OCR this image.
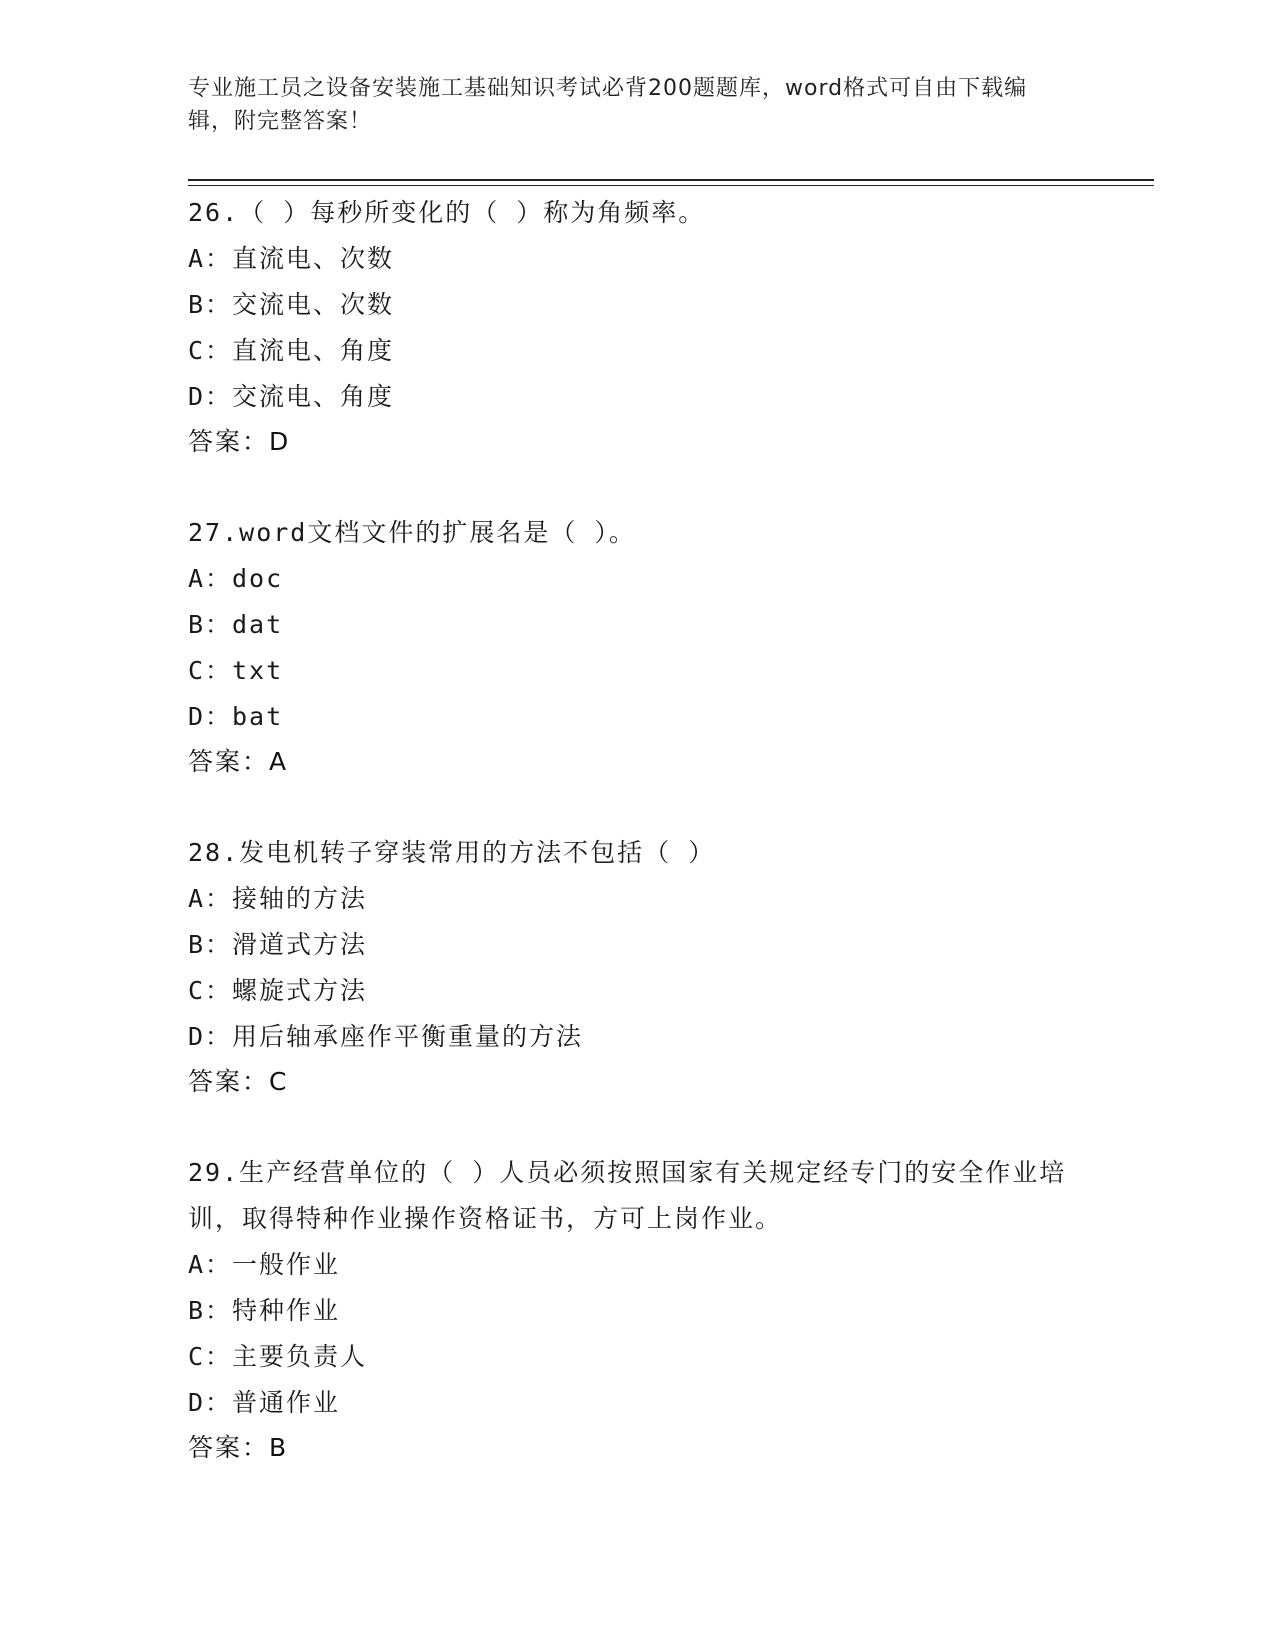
专业施工员之设备安装施工基础知识考试必背200题题库，word格式可自由下载编辑，附完整答案！

26.（ ）每秒所变化的（ ）称为角频率。

A： 直流电、次数
B： 交流电、次数
C： 直流电、角度
D： 交流电、角度

答案：D

27.word文档文件的扩展名是（ ）。

A： doc
B： dat
C： txt
D： bat

答案：A

28.发电机转子穿装常用的方法不包括（ ）

A： 接轴的方法
B： 滑道式方法
C： 螺旋式方法
D： 用后轴承座作平衡重量的方法

答案：C

29.生产经营单位的（ ）人员必须按照国家有关规定经专门的安全作业培训，取得特种作业操作资格证书，方可上岗作业。

A： 一般作业
B： 特种作业
C： 主要负责人
D： 普通作业

答案：B
